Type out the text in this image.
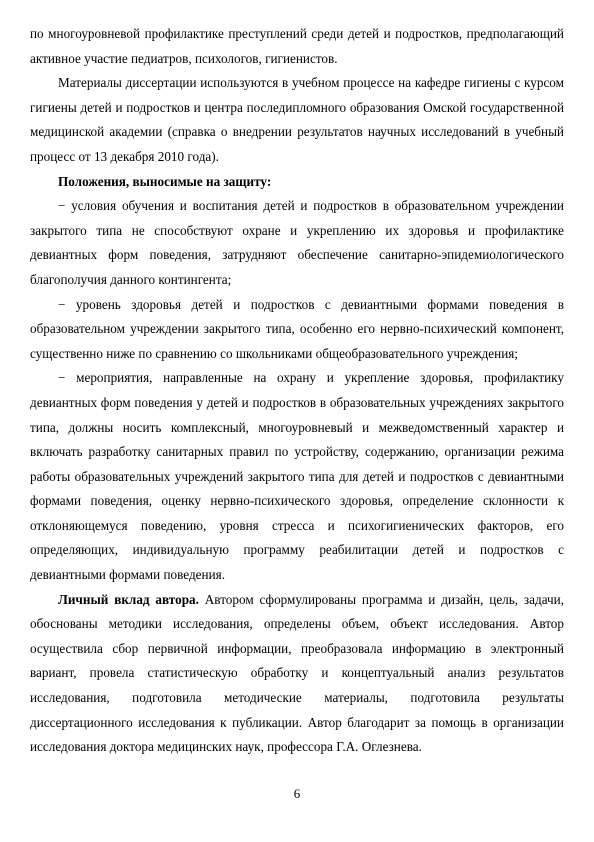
по многоуровневой профилактике преступлений среди детей и подростков, предполагающий активное участие педиатров, психологов, гигиенистов.

Материалы диссертации используются в учебном процессе на кафедре гигиены с курсом гигиены детей и подростков и центра последипломного образования Омской государственной медицинской академии (справка о внедрении результатов научных исследований в учебный процесс от 13 декабря 2010 года).

Положения, выносимые на защиту:

− условия обучения и воспитания детей и подростков в образовательном учреждении закрытого типа не способствуют охране и укреплению их здоровья и профилактике девиантных форм поведения, затрудняют обеспечение санитарно-эпидемиологического благополучия данного контингента;

− уровень здоровья детей и подростков с девиантными формами поведения в образовательном учреждении закрытого типа, особенно его нервно-психический компонент, существенно ниже по сравнению со школьниками общеобразовательного учреждения;

− мероприятия, направленные на охрану и укрепление здоровья, профилактику девиантных форм поведения у детей и подростков в образовательных учреждениях закрытого типа, должны носить комплексный, многоуровневый и межведомственный характер и включать разработку санитарных правил по устройству, содержанию, организации режима работы образовательных учреждений закрытого типа для детей и подростков с девиантными формами поведения, оценку нервно-психического здоровья, определение склонности к отклоняющемуся поведению, уровня стресса и психогигиенических факторов, его определяющих, индивидуальную программу реабилитации детей и подростков с девиантными формами поведения.

Личный вклад автора. Автором сформулированы программа и дизайн, цель, задачи, обоснованы методики исследования, определены объем, объект исследования. Автор осуществила сбор первичной информации, преобразовала информацию в электронный вариант, провела статистическую обработку и концептуальный анализ результатов исследования, подготовила методические материалы, подготовила результаты диссертационного исследования к публикации. Автор благодарит за помощь в организации исследования доктора медицинских наук, профессора Г.А. Оглезнева.

6
